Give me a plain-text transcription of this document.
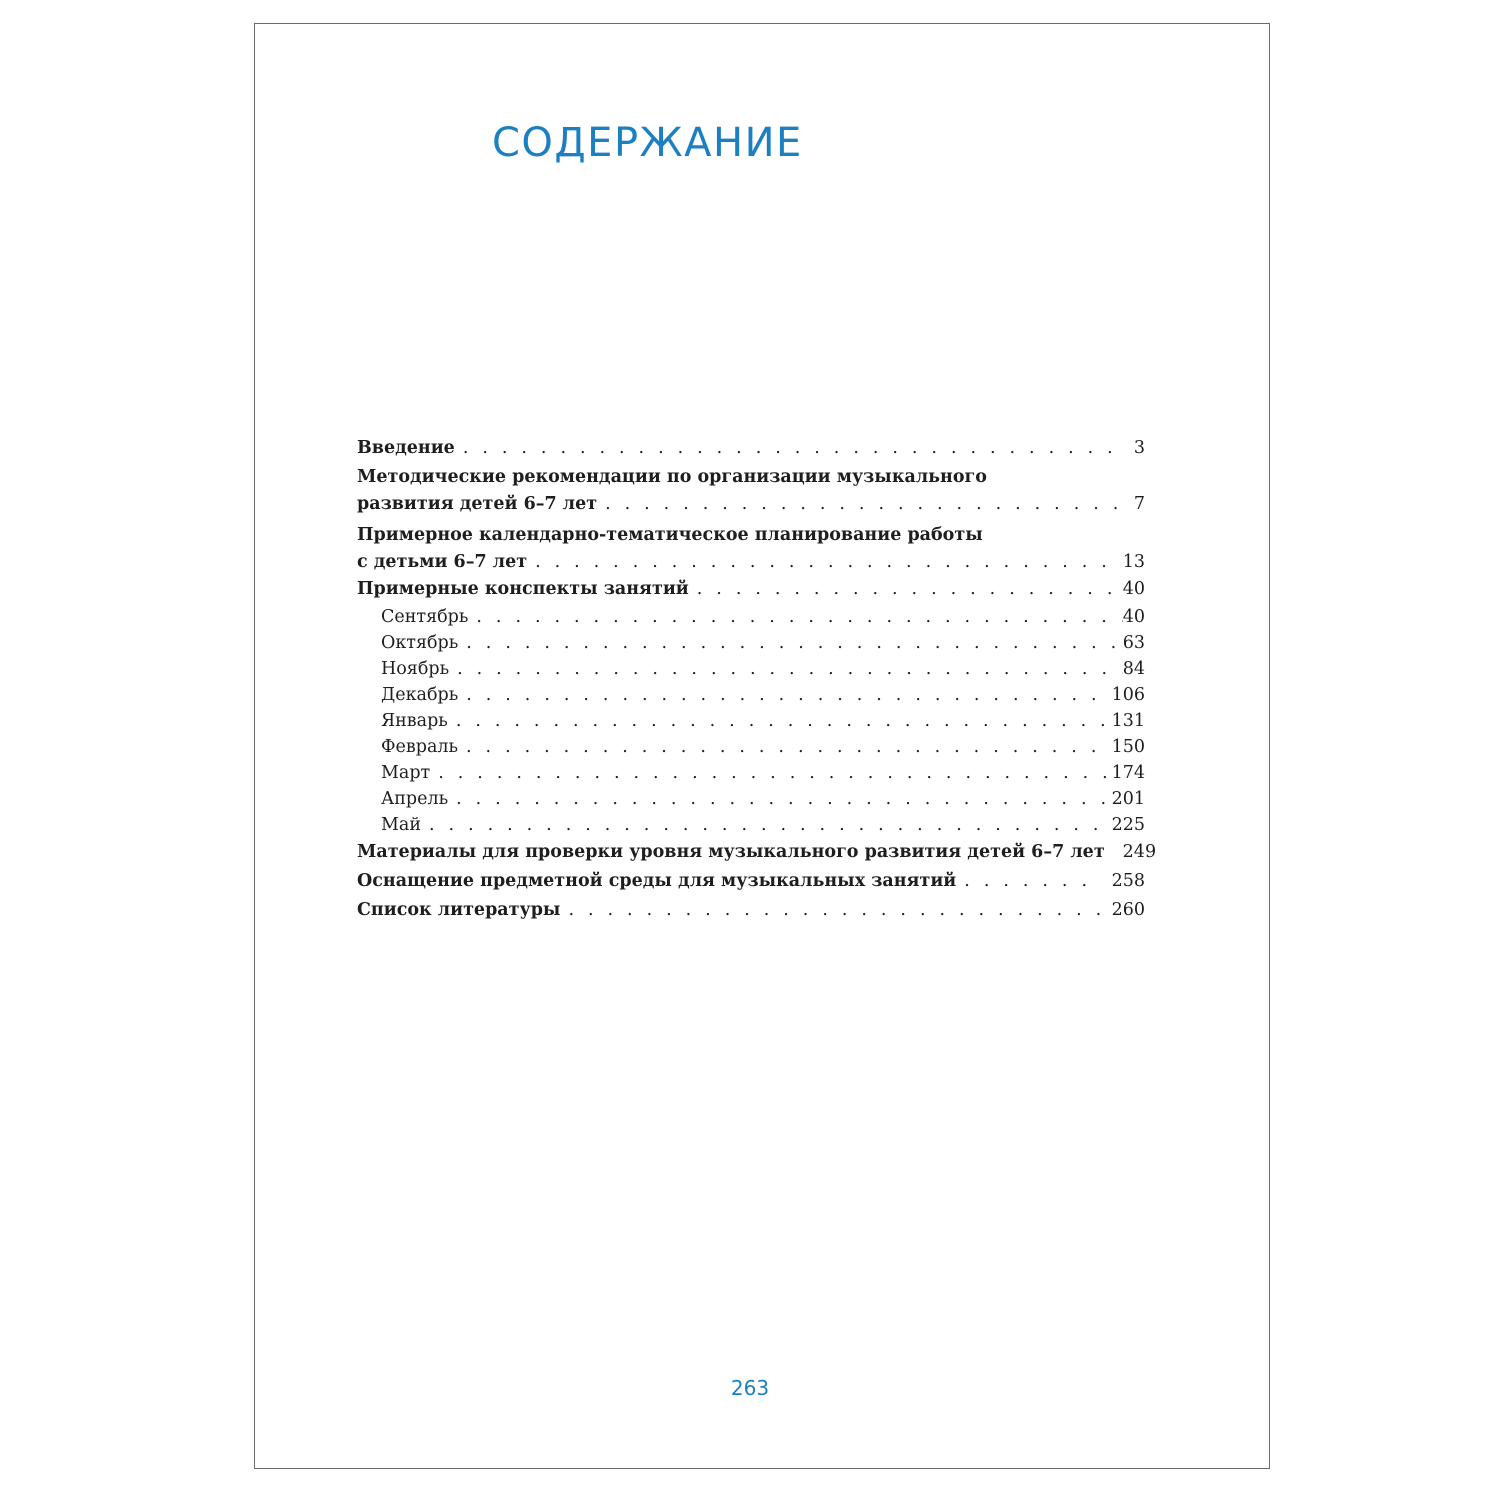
СОДЕРЖАНИЕ
Введение . . .	3
Методические рекомендации по организации музыкального
развития детей 6–7 лет . . .	7
Примерное календарно-тематическое планирование работы
с детьми 6–7 лет . . .	13
Примерные конспекты занятий . . .	40
Сентябрь . . .	40
Октябрь . . .	63
Ноябрь . . .	84
Декабрь . . .	106
Январь . . .	131
Февраль . . .	150
Март . . .	174
Апрель . . .	201
Май . . .	225
Материалы для проверки уровня музыкального развития детей 6–7 лет	249
Оснащение предметной среды для музыкальных занятий . . .	258
Список литературы . . .	260
263
